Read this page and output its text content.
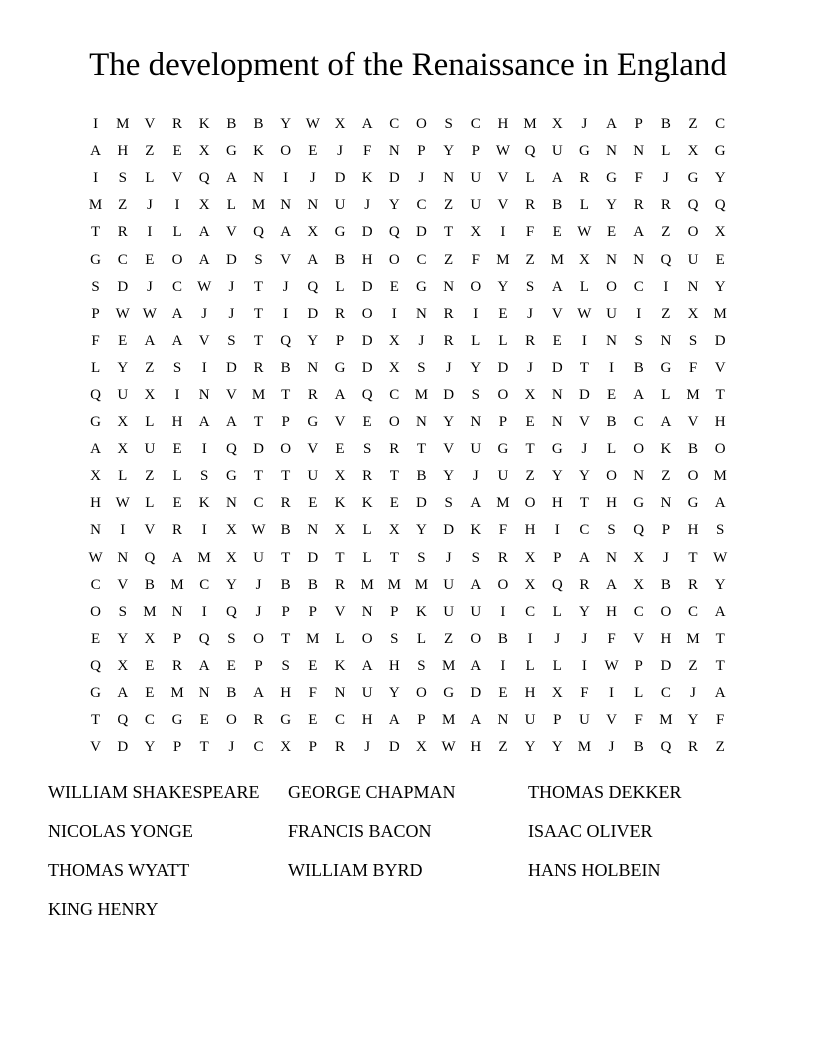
The development of the Renaissance in England
I	M	V	R	K	B	B	Y W X	A	C	O	S	C	H	M	X	J	A	P	B	Z	C
A	H	Z	E	X	G	K	O	E	J	F	N	P	Y	P	W Q	U	G	N	N	L	X	G
I	S	L	V	Q	A	N	I	J	D	K	D	J	N	U	V	L	A	R	G	F	J	G	Y
M	Z	J	I	X	L	M	N	N	U	J	Y	C	Z	U	V	R	B	L	Y	R	R	Q	Q
T	R	I	L	A	V	Q	A	X	G	D	Q	D	T	X	I	F	E	W	E	A	Z	O	X
G	C	E	O	A	D	S	V	A	B	H	O	C	Z	F	M	Z	M	X	N	N	Q	U	E
S	D	J	C	W	J	T	J	Q	L	D	E	G	N	O	Y	S	A	L	O	C	I	N	Y
P	W W A	J	J	T	I	D	R	O	I	N	R	I	E	J	V W U	I	Z	X	M
F	E	A	A	V	S	T	Q	Y	P	D	X	J	R	L	L	R	E	I	N	S	N	S	D
L	Y	Z	S	I	D	R	B	N	G	D	X	S	J	Y	D	J	D	T	I	B	G	F	V
Q	U	X	I	N	V	M	T	R	A	Q	C	M	D	S	O	X	N	D	E	A	L	M	T
G	X	L	H	A	A	T	P	G	V	E	O	N	Y	N	P	E	N	V	B	C	A	V	H
A	X	U	E	I	Q	D	O	V	E	S	R	T	V	U	G	T	G	J	L	O	K	B	O
X	L	Z	L	S	G	T	T	U	X	R	T	B	Y	J	U	Z	Y	Y	O	N	Z	O	M
H W	L	E	K	N	C	R	E	K	K	E	D	S	A	M	O	H	T	H	G	N	G	A
N	I	V	R	I	X W	B	N	X	L	X	Y	D	K	F	H	I	C	S	Q	P	H	S
W N	Q	A	M	X	U	T	D	T	L	T	S	J	S	R	X	P	A	N	X	J	T	W
C	V	B	M	C	Y	J	B	B	R	M M M	U	A	O	X	Q	R	A	X	B	R	Y
O	S	M	N	I	Q	J	P	P	V	N	P	K	U	U	I	C	L	Y	H	C	O	C	A
E	Y	X	P	Q	S	O	T	M	L	O	S	L	Z	O	B	I	J	J	F	V	H	M	T
Q	X	E	R	A	E	P	S	E	K	A	H	S	M	A	I	L	L	I	W	P	D	Z	T
G	A	E	M	N	B	A	H	F	N	U	Y	O	G	D	E	H	X	F	I	L	C	J	A
T	Q	C	G	E	O	R	G	E	C	H	A	P	M	A	N	U	P	U	V	F	M	Y	F
V	D	Y	P	T	J	C	X	P	R	J	D	X W H	Z	Y	Y	M	J	B	Q	R	Z
WILLIAM SHAKESPEARE	GEORGE CHAPMAN	THOMAS DEKKER
NICOLAS YONGE	FRANCIS BACON	ISAAC OLIVER
THOMAS WYATT	WILLIAM BYRD	HANS HOLBEIN
KING HENRY
